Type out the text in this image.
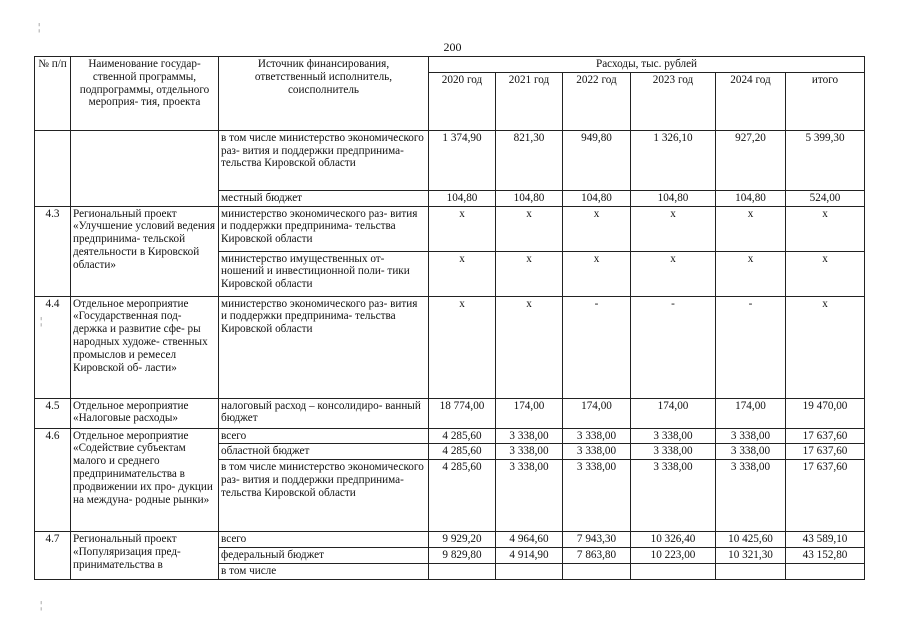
200
¦
¦
¦
№ п/п	Наименование государ- ственной программы, подпрограммы, отдельного мероприя- тия, проекта	Источник финансирования, ответственный исполнитель, соисполнитель	Расходы, тыс. рублей					
			2020 год	2021 год	2022 год	2023 год	2024 год	итого
		в том числе министерство экономического раз- вития и поддержки предпринима- тельства Кировской области	1 374,90	821,30	949,80	1 326,10	927,20	5 399,30
		местный бюджет	104,80	104,80	104,80	104,80	104,80	524,00
4.3	Региональный проект «Улучшение условий ведения предпринима- тельской деятельности в Кировской области»	министерство экономического раз- вития и поддержки предпринима- тельства Кировской области	x	x	x	x	x	x
		министерство имущественных от- ношений и инвестиционной поли- тики Кировской области	x	x	x	x	x	x
4.4	Отдельное мероприятие «Государственная под- держка и развитие сфе- ры народных художе- ственных промыслов и ремесел Кировской об- ласти»	министерство экономического раз- вития и поддержки предпринима- тельства Кировской области	x	x	-	-	-	x
4.5	Отдельное мероприятие «Налоговые расходы»	налоговый расход – консолидиро- ванный бюджет	18 774,00	174,00	174,00	174,00	174,00	19 470,00
4.6	Отдельное мероприятие «Содействие субъектам малого и среднего предпринимательства в продвижении их про- дукции на междуна- родные рынки»	всего	4 285,60	3 338,00	3 338,00	3 338,00	3 338,00	17 637,60
		областной бюджет	4 285,60	3 338,00	3 338,00	3 338,00	3 338,00	17 637,60
		в том числе министерство экономического раз- вития и поддержки предпринима- тельства Кировской области	4 285,60	3 338,00	3 338,00	3 338,00	3 338,00	17 637,60
4.7	Региональный проект «Популяризация пред- принимательства в	всего	9 929,20	4 964,60	7 943,30	10 326,40	10 425,60	43 589,10
		федеральный бюджет	9 829,80	4 914,90	7 863,80	10 223,00	10 321,30	43 152,80
		в том числе						
